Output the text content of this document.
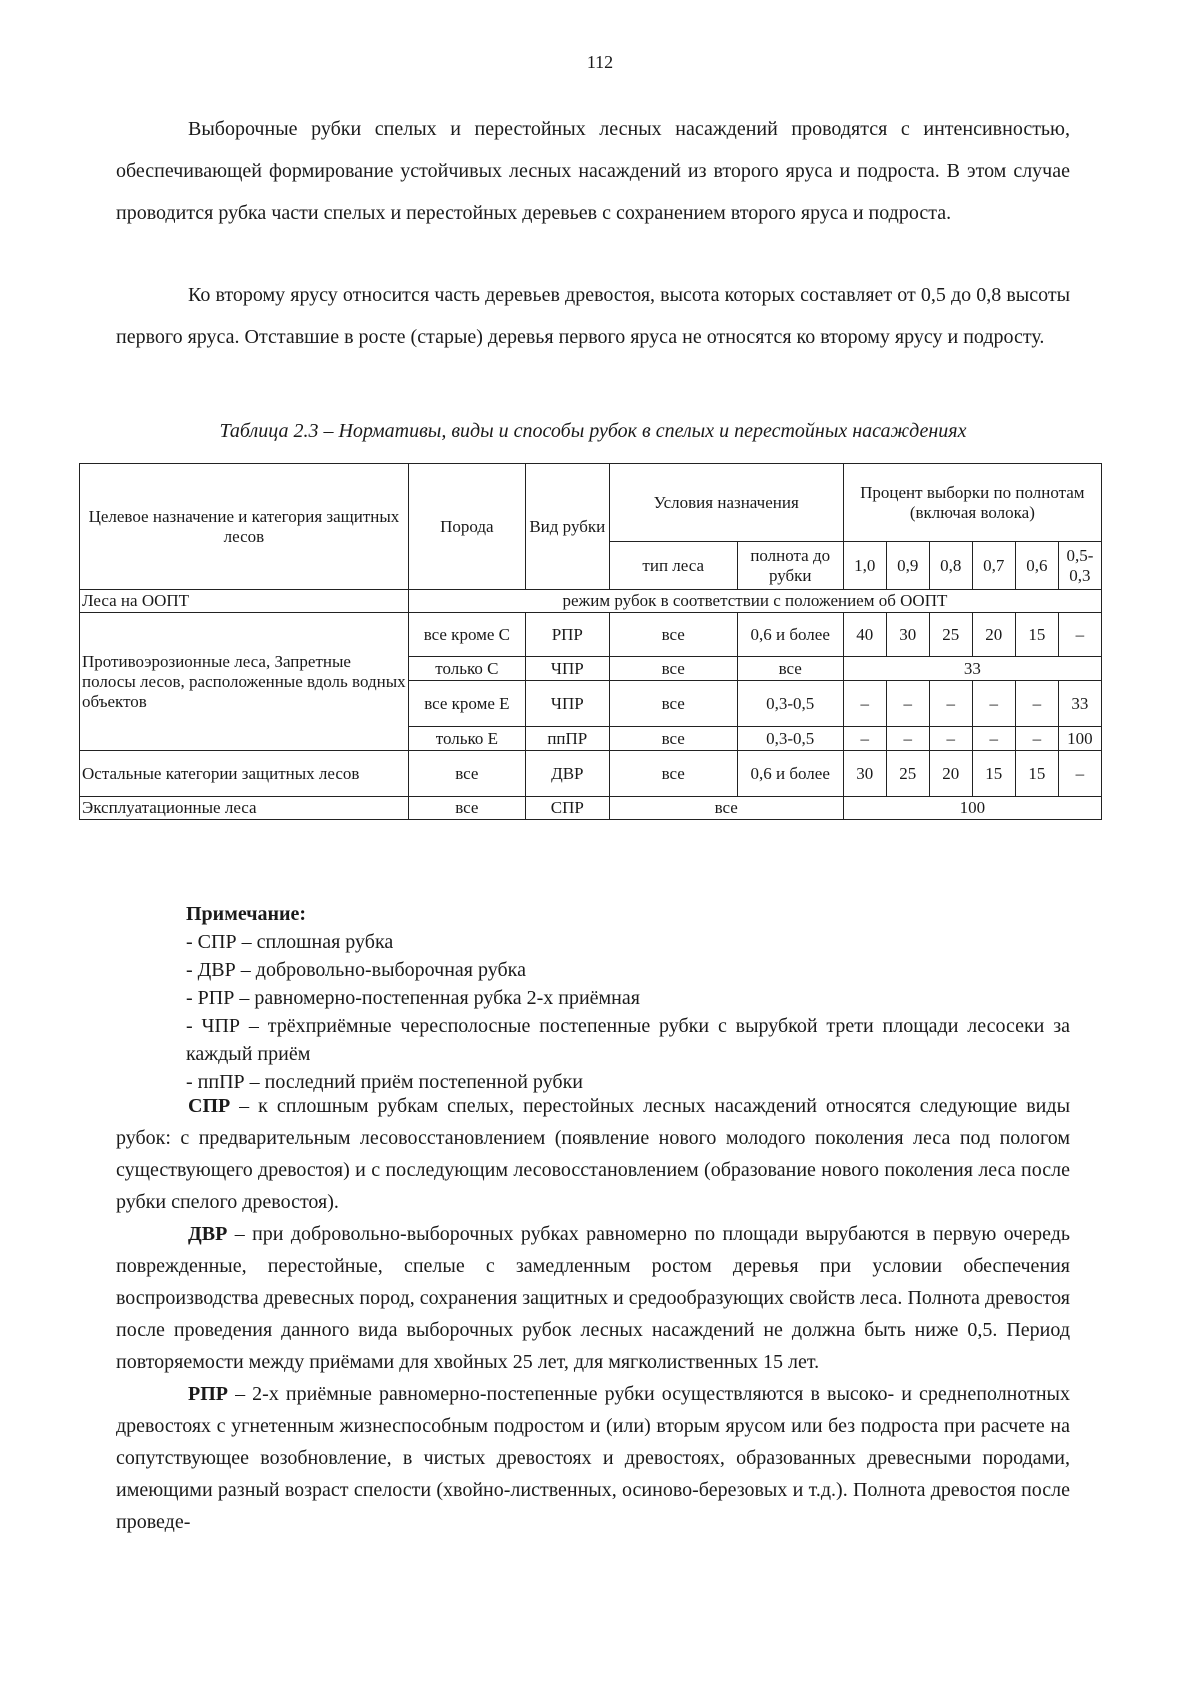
112

Выборочные рубки спелых и перестойных лесных насаждений проводятся с интенсивностью, обеспечивающей формирование устойчивых лесных насаждений из второго яруса и подроста. В этом случае проводится рубка части спелых и перестойных деревьев с сохранением второго яруса и подроста.

Ко второму ярусу относится часть деревьев древостоя, высота которых составляет от 0,5 до 0,8 высоты первого яруса. Отставшие в росте (старые) деревья первого яруса не относятся ко второму ярусу и подросту.

Таблица 2.3 – Нормативы, виды и способы рубок в спелых и перестойных насаждениях
Целевое назначение и категория защитных лесов	Порода	Вид рубки	Условия назначения		Процент выборки по полнотам (включая волока)					
			тип леса	полнота до рубки	1,0	0,9	0,8	0,7	0,6	0,5-0,3
Леса на ООПТ	режим рубок в соответствии с положением об ООПТ									
Противоэрозионные леса, Запретные полосы лесов, расположенные вдоль водных объектов	все кроме С	РПР	все	0,6 и более	40	30	25	20	15	–
	только С	ЧПР	все	все	33					
	все кроме Е	ЧПР	все	0,3-0,5	–	–	–	–	–	33
	только Е	ппПР	все	0,3-0,5	–	–	–	–	–	100
Остальные категории защитных лесов	все	ДВР	все	0,6 и более	30	25	20	15	15	–
Эксплуатационные леса	все	СПР	все		100					
Примечание:
- СПР – сплошная рубка
- ДВР – добровольно-выборочная рубка
- РПР – равномерно-постепенная рубка 2-х приёмная
- ЧПР – трёхприёмные чересполосные постепенные рубки с вырубкой трети площади лесосеки за каждый приём
- ппПР – последний приём постепенной рубки

СПР – к сплошным рубкам спелых, перестойных лесных насаждений относятся следующие виды рубок: с предварительным лесовосстановлением (появление нового молодого поколения леса под пологом существующего древостоя) и с последующим лесовосстановлением (образование нового поколения леса после рубки спелого древостоя).

ДВР – при добровольно-выборочных рубках равномерно по площади вырубаются в первую очередь поврежденные, перестойные, спелые с замедленным ростом деревья при условии обеспечения воспроизводства древесных пород, сохранения защитных и средообразующих свойств леса. Полнота древостоя после проведения данного вида выборочных рубок лесных насаждений не должна быть ниже 0,5. Период повторяемости между приёмами для хвойных 25 лет, для мягколиственных 15 лет.

РПР – 2-х приёмные равномерно-постепенные рубки осуществляются в высоко- и среднеполнотных древостоях с угнетенным жизнеспособным подростом и (или) вторым ярусом или без подроста при расчете на сопутствующее возобновление, в чистых древостоях и древостоях, образованных древесными породами, имеющими разный возраст спелости (хвойно-лиственных, осиново-березовых и т.д.). Полнота древостоя после проведе-
